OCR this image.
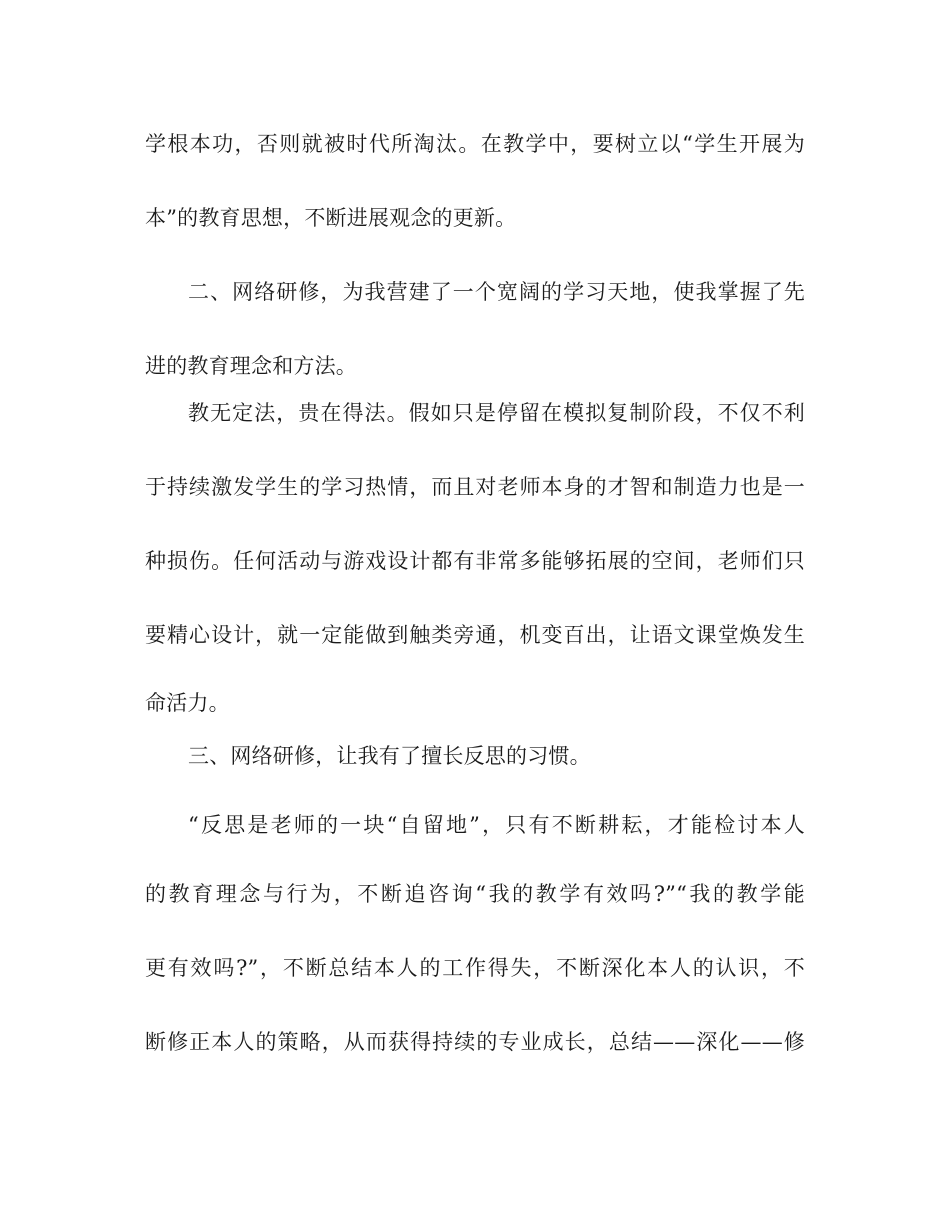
学根本功，否则就被时代所淘汰。在教学中，要树立以“学生开展为
本”的教育思想，不断进展观念的更新。
二、网络研修，为我营建了一个宽阔的学习天地，使我掌握了先
进的教育理念和方法。
教无定法，贵在得法。假如只是停留在模拟复制阶段，不仅不利
于持续激发学生的学习热情，而且对老师本身的才智和制造力也是一
种损伤。任何活动与游戏设计都有非常多能够拓展的空间，老师们只
要精心设计，就一定能做到触类旁通，机变百出，让语文课堂焕发生
命活力。
三、网络研修，让我有了擅长反思的习惯。
“反思是老师的一块“自留地”，只有不断耕耘，才能检讨本人
的教育理念与行为，不断追咨询“我的教学有效吗?”“我的教学能
更有效吗?”，不断总结本人的工作得失，不断深化本人的认识，不
断修正本人的策略，从而获得持续的专业成长，总结——深化——修
